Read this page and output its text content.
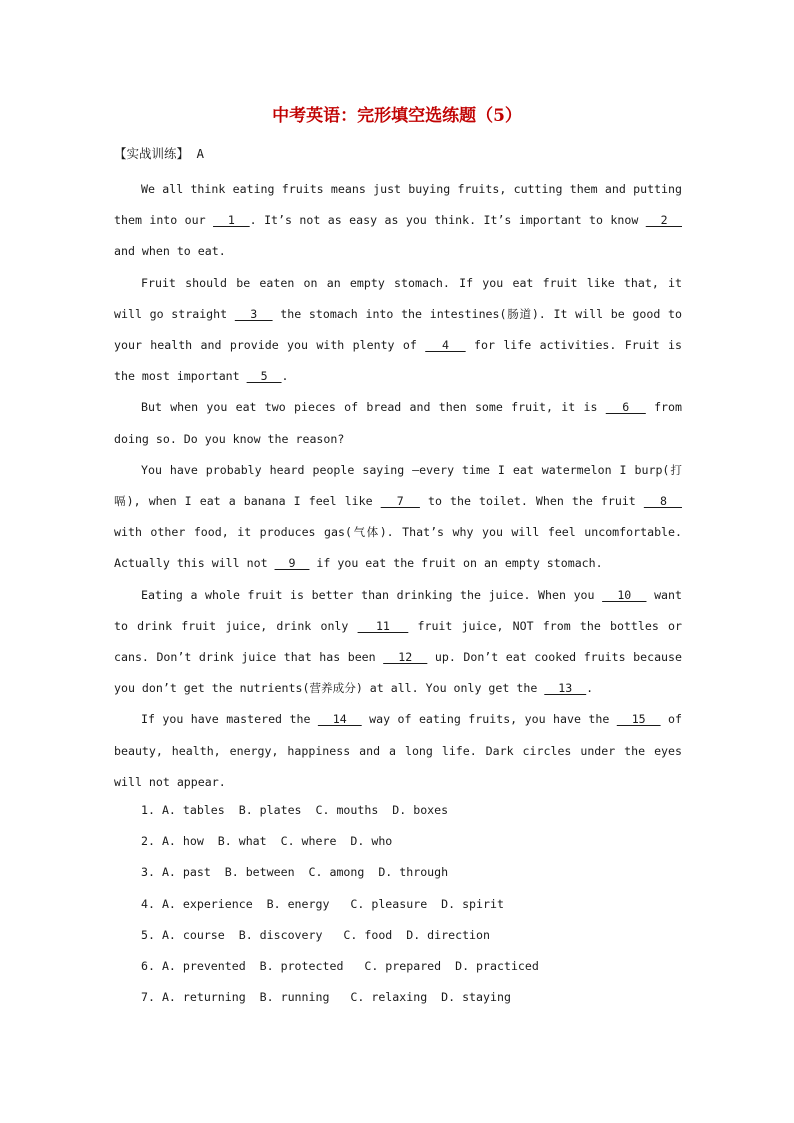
中考英语：完形填空选练题（5）
【实战训练】 A

We all think eating fruits means just buying fruits, cutting them and putting them into our   1  . It’s not as easy as you think. It’s important to know   2   and when to eat.

Fruit should be eaten on an empty stomach. If you eat fruit like that, it will go straight   3   the stomach into the intestines(肠道). It will be good to your health and provide you with plenty of   4   for life activities. Fruit is the most important   5  .

But when you eat two pieces of bread and then some fruit, it is   6   from doing so. Do you know the reason?

You have probably heard people saying —every time I eat watermelon I burp(打嗝), when I eat a banana I feel like   7   to the toilet. When the fruit   8   with other food, it produces gas(气体). That’s why you will feel uncomfortable. Actually this will not   9   if you eat the fruit on an empty stomach.

Eating a whole fruit is better than drinking the juice. When you   10   want to drink fruit juice, drink only   11   fruit juice, NOT from the bottles or cans. Don’t drink juice that has been   12   up. Don’t eat cooked fruits because you don’t get the nutrients(营养成分) at all. You only get the   13  .

If you have mastered the   14   way of eating fruits, you have the   15   of beauty, health, energy, happiness and a long life. Dark circles under the eyes will not appear.

1. A. tables  B. plates  C. mouths  D. boxes
2. A. how  B. what  C. where  D. who
3. A. past  B. between  C. among  D. through
4. A. experience  B. energy   C. pleasure  D. spirit
5. A. course  B. discovery   C. food  D. direction
6. A. prevented  B. protected   C. prepared  D. practiced
7. A. returning  B. running   C. relaxing  D. staying
